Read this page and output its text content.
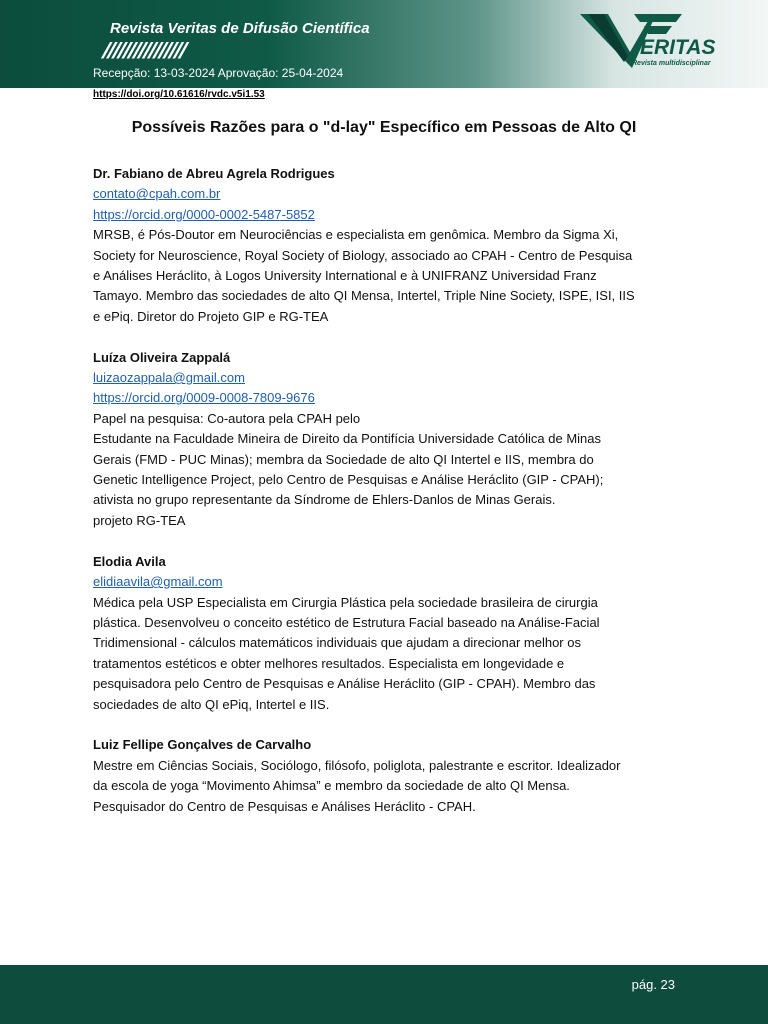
Revista Veritas de Difusão Científica
////////////////
Recepção: 13-03-2024 Aprovação: 25-04-2024
ERITAS
Revista multidisciplinar
https://doi.org/10.61616/rvdc.v5i1.53
Possíveis Razões para o "d-lay" Específico em Pessoas de Alto QI
Dr. Fabiano de Abreu Agrela Rodrigues
contato@cpah.com.br
https://orcid.org/0000-0002-5487-5852
MRSB, é Pós-Doutor em Neurociências e especialista em genômica. Membro da Sigma Xi,
Society for Neuroscience, Royal Society of Biology, associado ao CPAH - Centro de Pesquisa
e Análises Heráclito, à Logos University International e à UNIFRANZ Universidad Franz
Tamayo. Membro das sociedades de alto QI Mensa, Intertel, Triple Nine Society, ISPE, ISI, IIS
e ePiq. Diretor do Projeto GIP e RG-TEA
Luíza Oliveira Zappalá
luizaozappala@gmail.com
https://orcid.org/0009-0008-7809-9676
Papel na pesquisa: Co-autora pela CPAH pelo
Estudante na Faculdade Mineira de Direito da Pontifícia Universidade Católica de Minas
Gerais (FMD - PUC Minas); membra da Sociedade de alto QI Intertel e IIS, membra do
Genetic Intelligence Project, pelo Centro de Pesquisas e Análise Heráclito (GIP - CPAH);
ativista no grupo representante da Síndrome de Ehlers-Danlos de Minas Gerais.
projeto RG-TEA
Elodia Avila
elidiaavila@gmail.com
Médica pela USP Especialista em Cirurgia Plástica pela sociedade brasileira de cirurgia
plástica. Desenvolveu o conceito estético de Estrutura Facial baseado na Análise-Facial
Tridimensional - cálculos matemáticos individuais que ajudam a direcionar melhor os
tratamentos estéticos e obter melhores resultados. Especialista em longevidade e
pesquisadora pelo Centro de Pesquisas e Análise Heráclito (GIP - CPAH). Membro das
sociedades de alto QI ePiq, Intertel e IIS.
Luiz Fellipe Gonçalves de Carvalho
Mestre em Ciências Sociais, Sociólogo, filósofo, poliglota, palestrante e escritor. Idealizador
da escola de yoga “Movimento Ahimsa” e membro da sociedade de alto QI Mensa.
Pesquisador do Centro de Pesquisas e Análises Heráclito - CPAH.
pág. 23
